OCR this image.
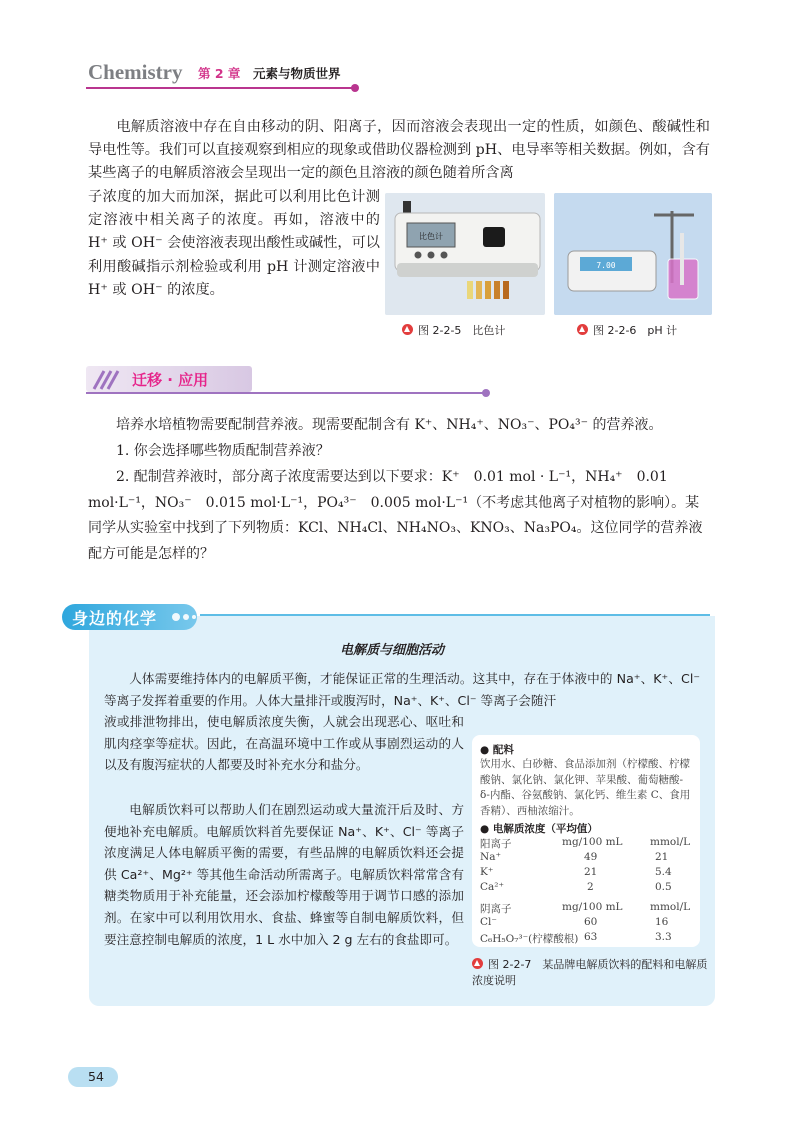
Chemistry 第 2 章 元素与物质世界

电解质溶液中存在自由移动的阴、阳离子，因而溶液会表现出一定的性质，如颜色、酸碱性和导电性等。我们可以直接观察到相应的现象或借助仪器检测到 pH、电导率等相关数据。例如，含有某些离子的电解质溶液会呈现出一定的颜色且溶液的颜色随着所含离

子浓度的加大而加深，据此可以利用比色计测定溶液中相关离子的浓度。再如，溶液中的 H⁺ 或 OH⁻ 会使溶液表现出酸性或碱性，可以利用酸碱指示剂检验或利用 pH 计测定溶液中 H⁺ 或 OH⁻ 的浓度。

比色计
图 2-2-5　比色计
7.00
图 2-2-6　pH 计
迁移 · 应用

培养水培植物需要配制营养液。现需要配制含有 K⁺、NH₄⁺、NO₃⁻、PO₄³⁻ 的营养液。

1. 你会选择哪些物质配制营养液？

2. 配制营养液时，部分离子浓度需要达到以下要求：K⁺　0.01 mol · L⁻¹，NH₄⁺　0.01 mol·L⁻¹，NO₃⁻　0.015 mol·L⁻¹，PO₄³⁻　0.005 mol·L⁻¹（不考虑其他离子对植物的影响）。某同学从实验室中找到了下列物质：KCl、NH₄Cl、NH₄NO₃、KNO₃、Na₃PO₄。这位同学的营养液配方可能是怎样的？

身边的化学
电解质与细胞活动

人体需要维持体内的电解质平衡，才能保证正常的生理活动。这其中，存在于体液中的 Na⁺、K⁺、Cl⁻ 等离子发挥着重要的作用。人体大量排汗或腹泻时，Na⁺、K⁺、Cl⁻ 等离子会随汗

液或排泄物排出，使电解质浓度失衡，人就会出现恶心、呕吐和肌肉痉挛等症状。因此，在高温环境中工作或从事剧烈运动的人以及有腹泻症状的人都要及时补充水分和盐分。

电解质饮料可以帮助人们在剧烈运动或大量流汗后及时、方便地补充电解质。电解质饮料首先要保证 Na⁺、K⁺、Cl⁻ 等离子浓度满足人体电解质平衡的需要，有些品牌的电解质饮料还会提供 Ca²⁺、Mg²⁺ 等其他生命活动所需离子。电解质饮料常常含有糖类物质用于补充能量，还会添加柠檬酸等用于调节口感的添加剂。在家中可以利用饮用水、食盐、蜂蜜等自制电解质饮料，但要注意控制电解质的浓度，1 L 水中加入 2 g 左右的食盐即可。

● 配料
饮用水、白砂糖、食品添加剂（柠檬酸、柠檬酸钠、氯化钠、氯化钾、苹果酸、葡萄糖酸-δ-内酯、谷氨酸钠、氯化钙、维生素 C、食用香精）、西柚浓缩汁。
● 电解质浓度（平均值）
阳离子	mg/100 mL	mmol/L
Na⁺	49	21
K⁺	21	5.4
Ca²⁺	2	0.5
阴离子	mg/100 mL	mmol/L
Cl⁻	60	16
C₆H₅O₇³⁻(柠檬酸根) 63	3.3
图 2-2-7　某品牌电解质饮料的配料和电解质浓度说明
54
